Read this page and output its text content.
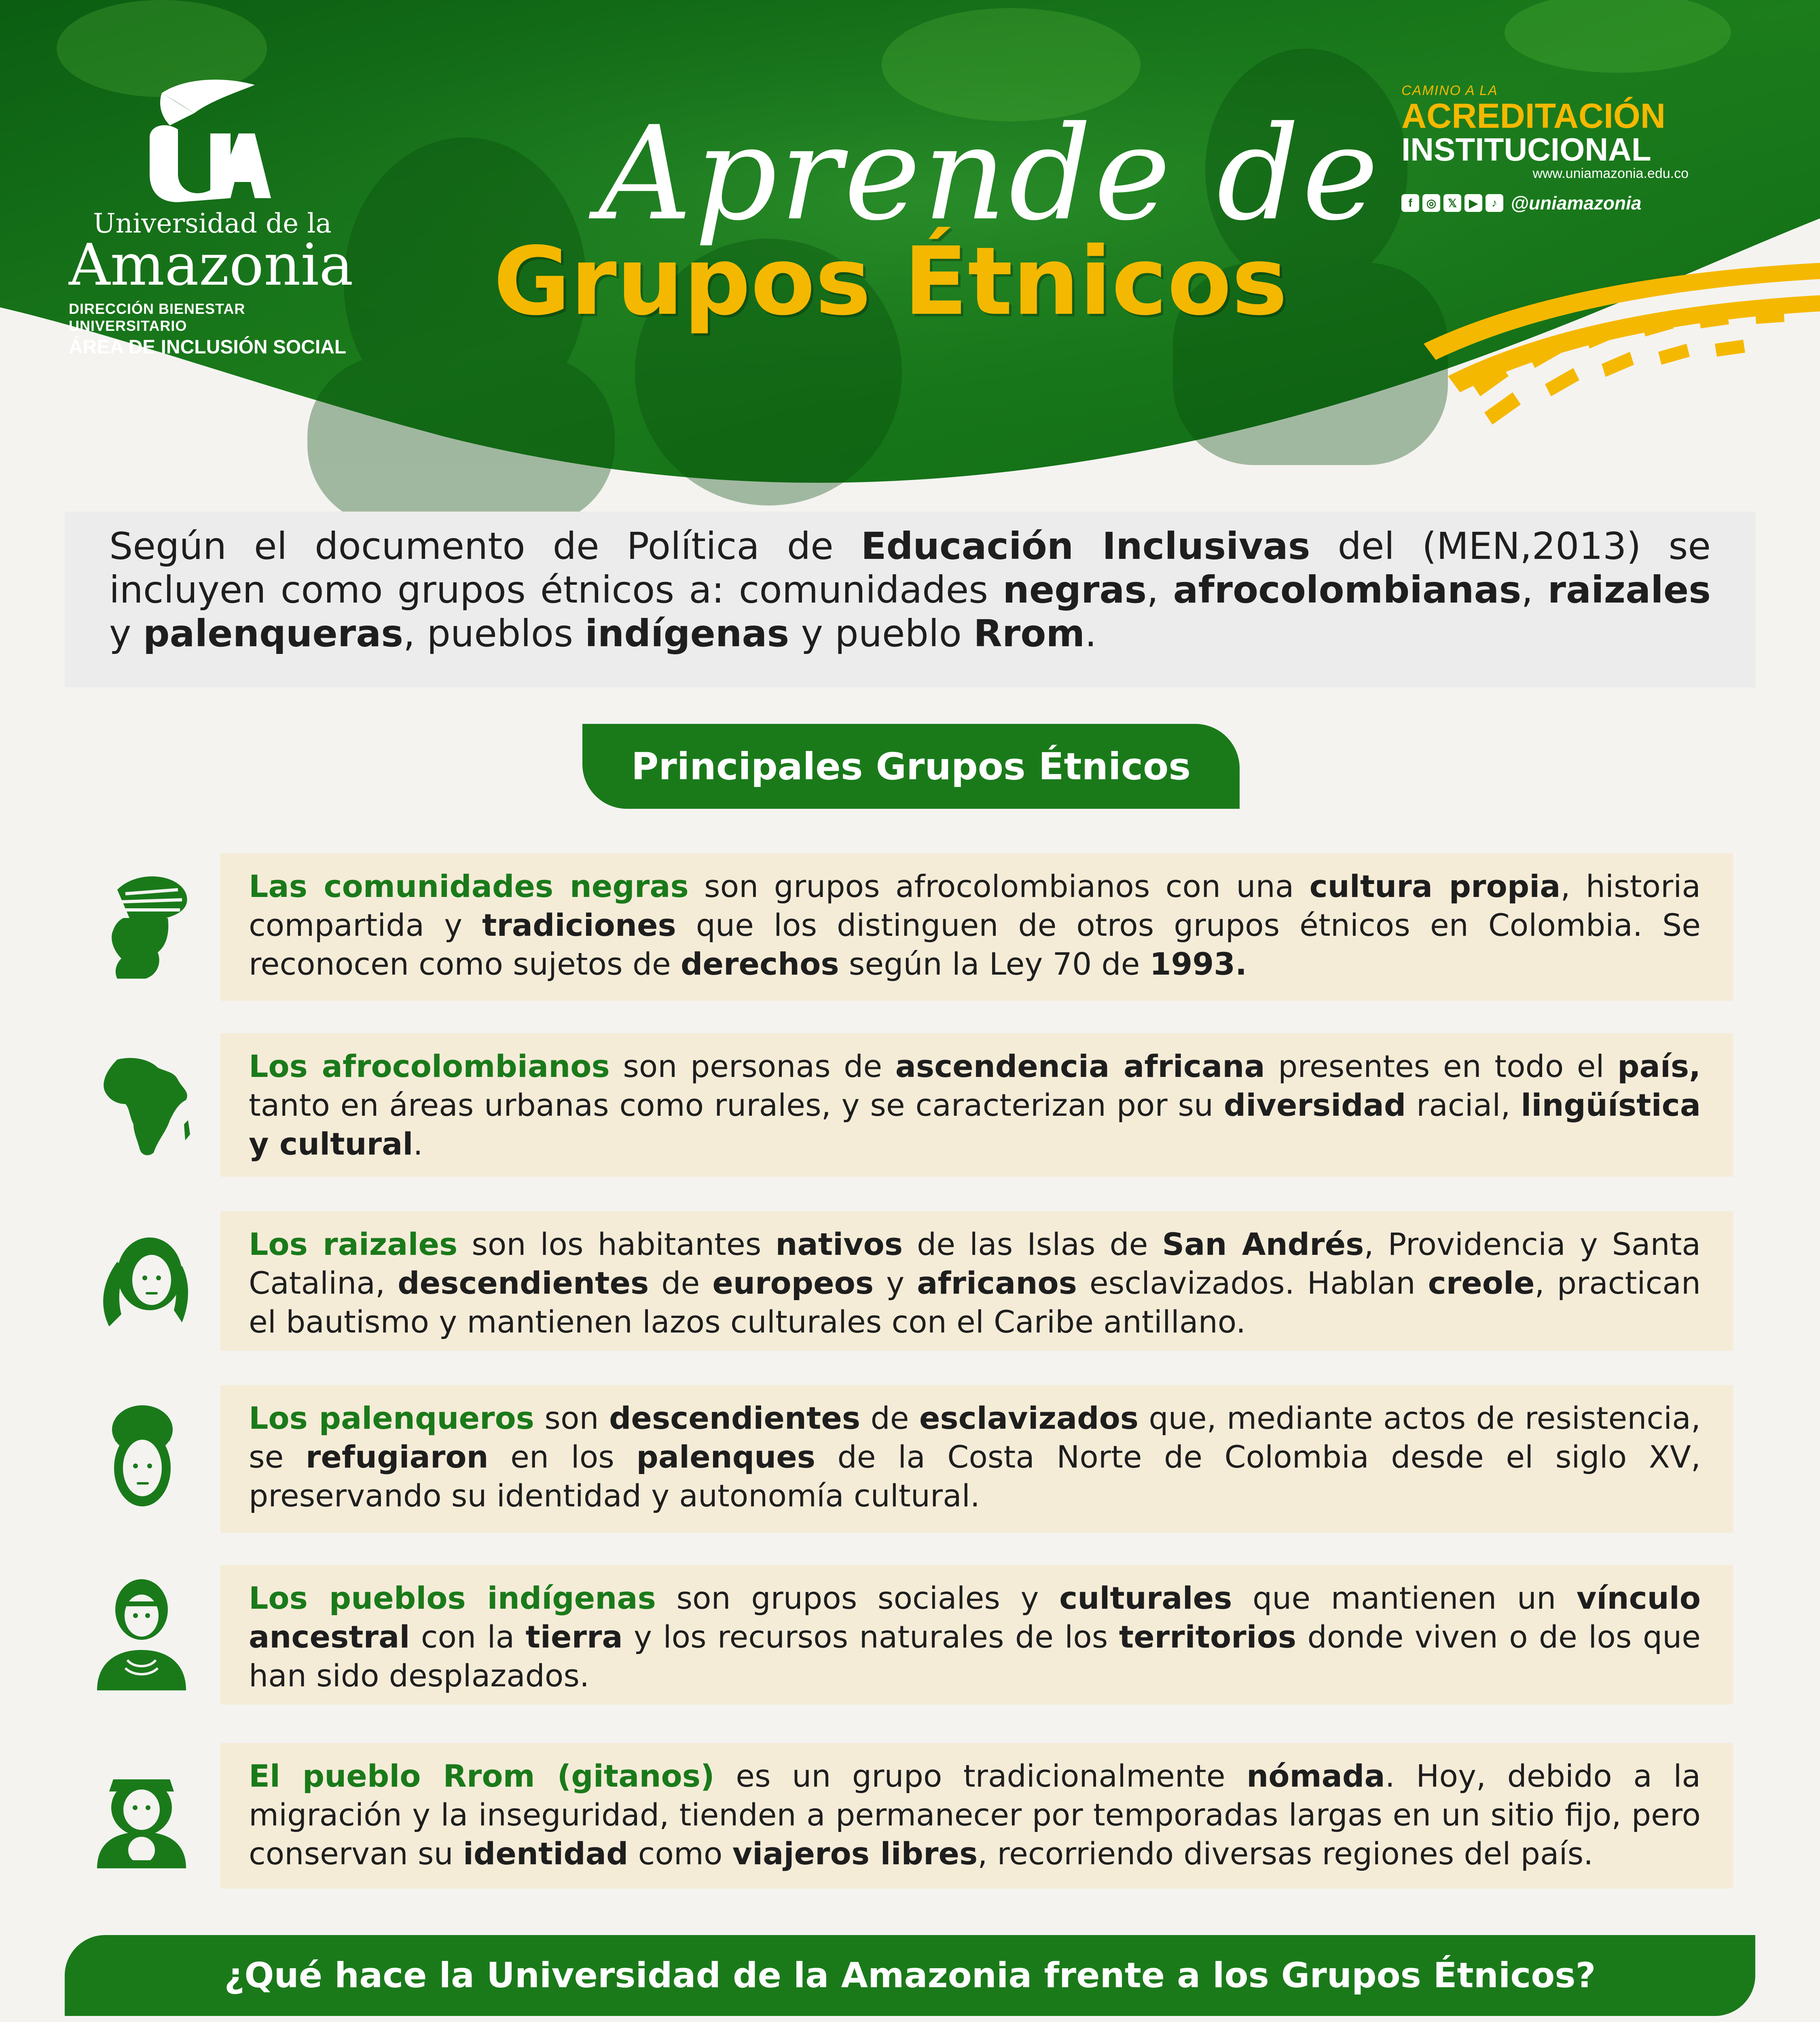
Universidad de la
Amazonia
DIRECCIÓN BIENESTAR UNIVERSITARIO
ÁREA DE INCLUSIÓN SOCIAL
Aprende de
Grupos Étnicos
CAMINO A LA
ACREDITACIÓN
INSTITUCIONAL
www.uniamazonia.edu.co
f	◎	𝕏	▶	♪ @uniamazonia
Según el documento de Política de Educación Inclusivas del (MEN,2013) se incluyen como grupos étnicos a: comunidades negras, afrocolombianas, raizales y palenqueras, pueblos indígenas y pueblo Rrom.
Principales Grupos Étnicos
Las comunidades negras son grupos afrocolombianos con una cultura propia, historia compartida y tradiciones que los distinguen de otros grupos étnicos en Colombia. Se reconocen como sujetos de derechos según la Ley 70 de 1993.
Los afrocolombianos son personas de ascendencia africana presentes en todo el país, tanto en áreas urbanas como rurales, y se caracterizan por su diversidad racial, lingüística y cultural.
Los raizales son los habitantes nativos de las Islas de San Andrés, Providencia y Santa Catalina, descendientes de europeos y africanos esclavizados. Hablan creole, practican el bautismo y mantienen lazos culturales con el Caribe antillano.
Los palenqueros son descendientes de esclavizados que, mediante actos de resistencia, se refugiaron en los palenques de la Costa Norte de Colombia desde el siglo XV, preservando su identidad y autonomía cultural.
Los pueblos indígenas son grupos sociales y culturales que mantienen un vínculo ancestral con la tierra y los recursos naturales de los territorios donde viven o de los que han sido desplazados.
El pueblo Rrom (gitanos) es un grupo tradicionalmente nómada. Hoy, debido a la migración y la inseguridad, tienden a permanecer por temporadas largas en un sitio fijo, pero conservan su identidad como viajeros libres, recorriendo diversas regiones del país.
¿Qué hace la Universidad de la Amazonia frente a los Grupos Étnicos?
